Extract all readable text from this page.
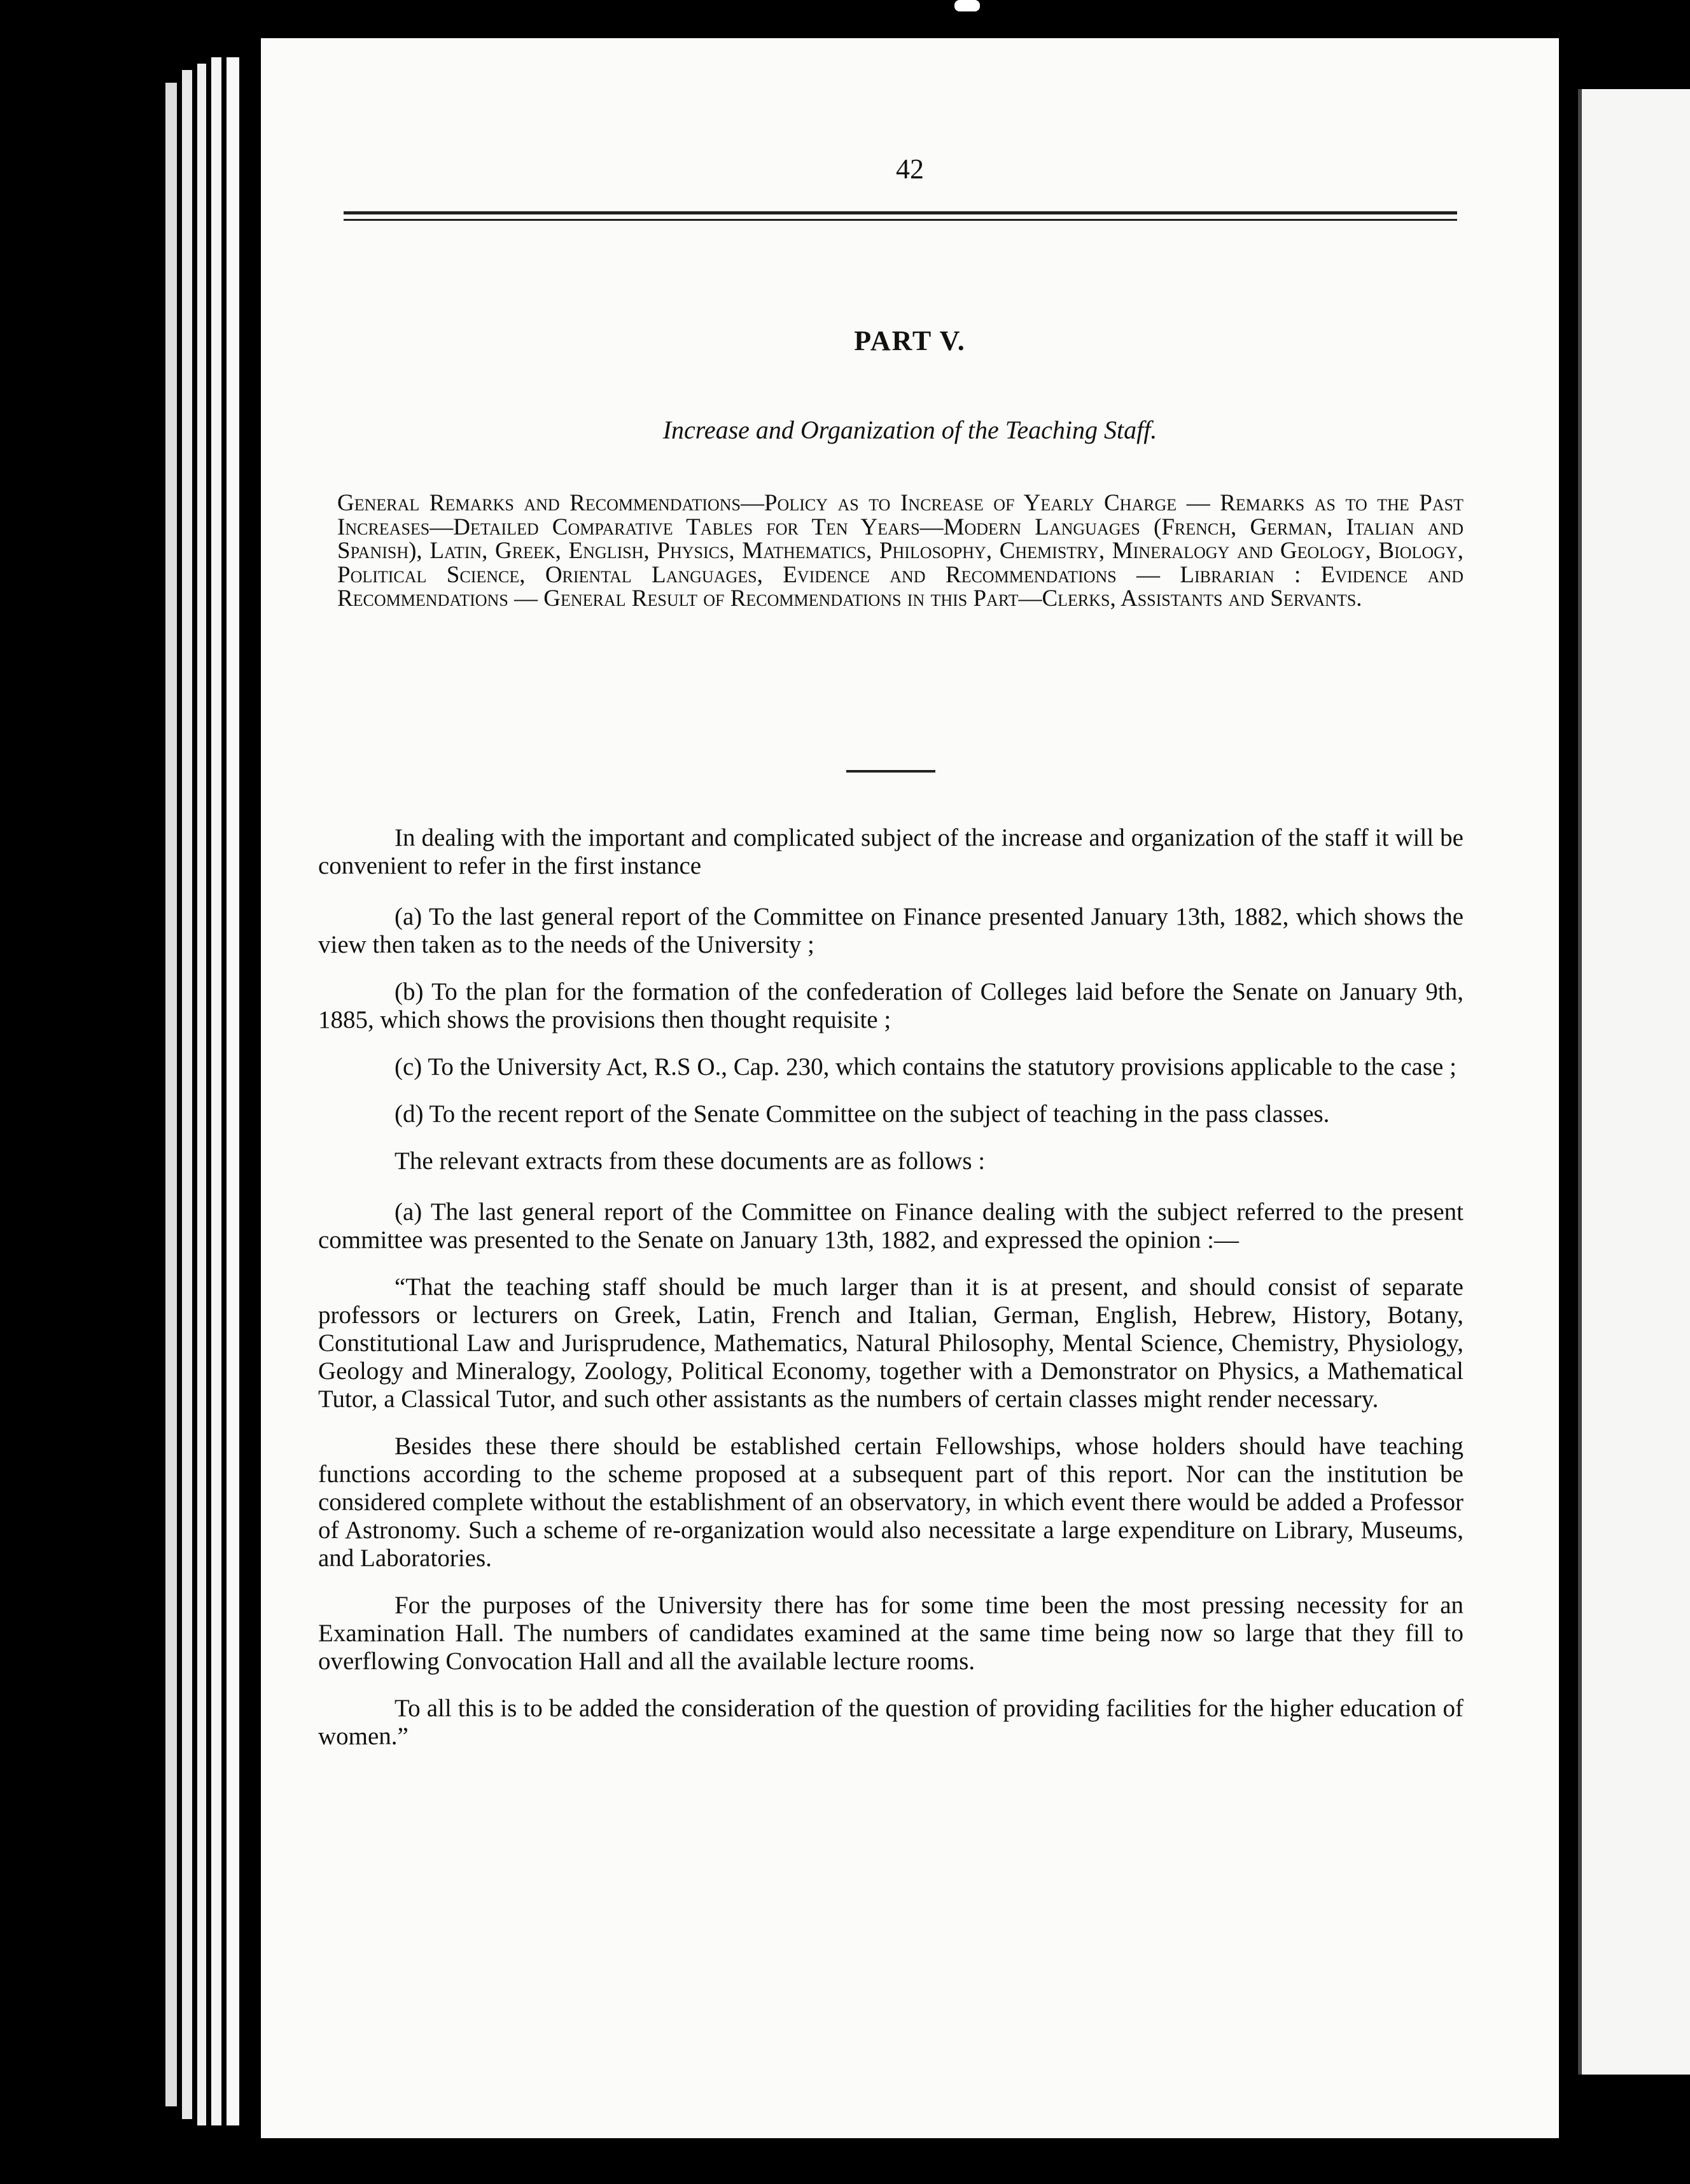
42
PART V.
Increase and Organization of the Teaching Staff.
General Remarks and Recommendations—Policy as to Increase of Yearly Charge — Remarks as to the Past Increases—Detailed Comparative Tables for Ten Years—Modern Languages (French, German, Italian and Spanish), Latin, Greek, English, Physics, Mathematics, Philosophy, Chemistry, Mineralogy and Geology, Biology, Political Science, Oriental Languages, Evidence and Recommendations — Librarian : Evidence and Recommendations — General Result of Recommendations in this Part—Clerks, Assistants and Servants.

In dealing with the important and complicated subject of the increase and organization of the staff it will be convenient to refer in the first instance

(a) To the last general report of the Committee on Finance presented January 13th, 1882, which shows the view then taken as to the needs of the University ;

(b) To the plan for the formation of the confederation of Colleges laid before the Senate on January 9th, 1885, which shows the provisions then thought requisite ;

(c) To the University Act, R.S O., Cap. 230, which contains the statutory provisions applicable to the case ;

(d) To the recent report of the Senate Committee on the subject of teaching in the pass classes.

The relevant extracts from these documents are as follows :

(a) The last general report of the Committee on Finance dealing with the subject referred to the present committee was presented to the Senate on January 13th, 1882, and expressed the opinion :—

“That the teaching staff should be much larger than it is at present, and should consist of separate professors or lecturers on Greek, Latin, French and Italian, German, English, Hebrew, History, Botany, Constitutional Law and Jurisprudence, Mathematics, Natural Philosophy, Mental Science, Chemistry, Physiology, Geology and Mineralogy, Zoology, Political Economy, together with a Demonstrator on Physics, a Mathematical Tutor, a Classical Tutor, and such other assistants as the numbers of certain classes might render necessary.

Besides these there should be established certain Fellowships, whose holders should have teaching functions according to the scheme proposed at a subsequent part of this report. Nor can the institution be considered complete without the establishment of an observatory, in which event there would be added a Professor of Astronomy. Such a scheme of re-organization would also necessitate a large expenditure on Library, Museums, and Laboratories.

For the purposes of the University there has for some time been the most pressing necessity for an Examination Hall. The numbers of candidates examined at the same time being now so large that they fill to overflowing Convocation Hall and all the available lecture rooms.

To all this is to be added the consideration of the question of providing facilities for the higher education of women.”
